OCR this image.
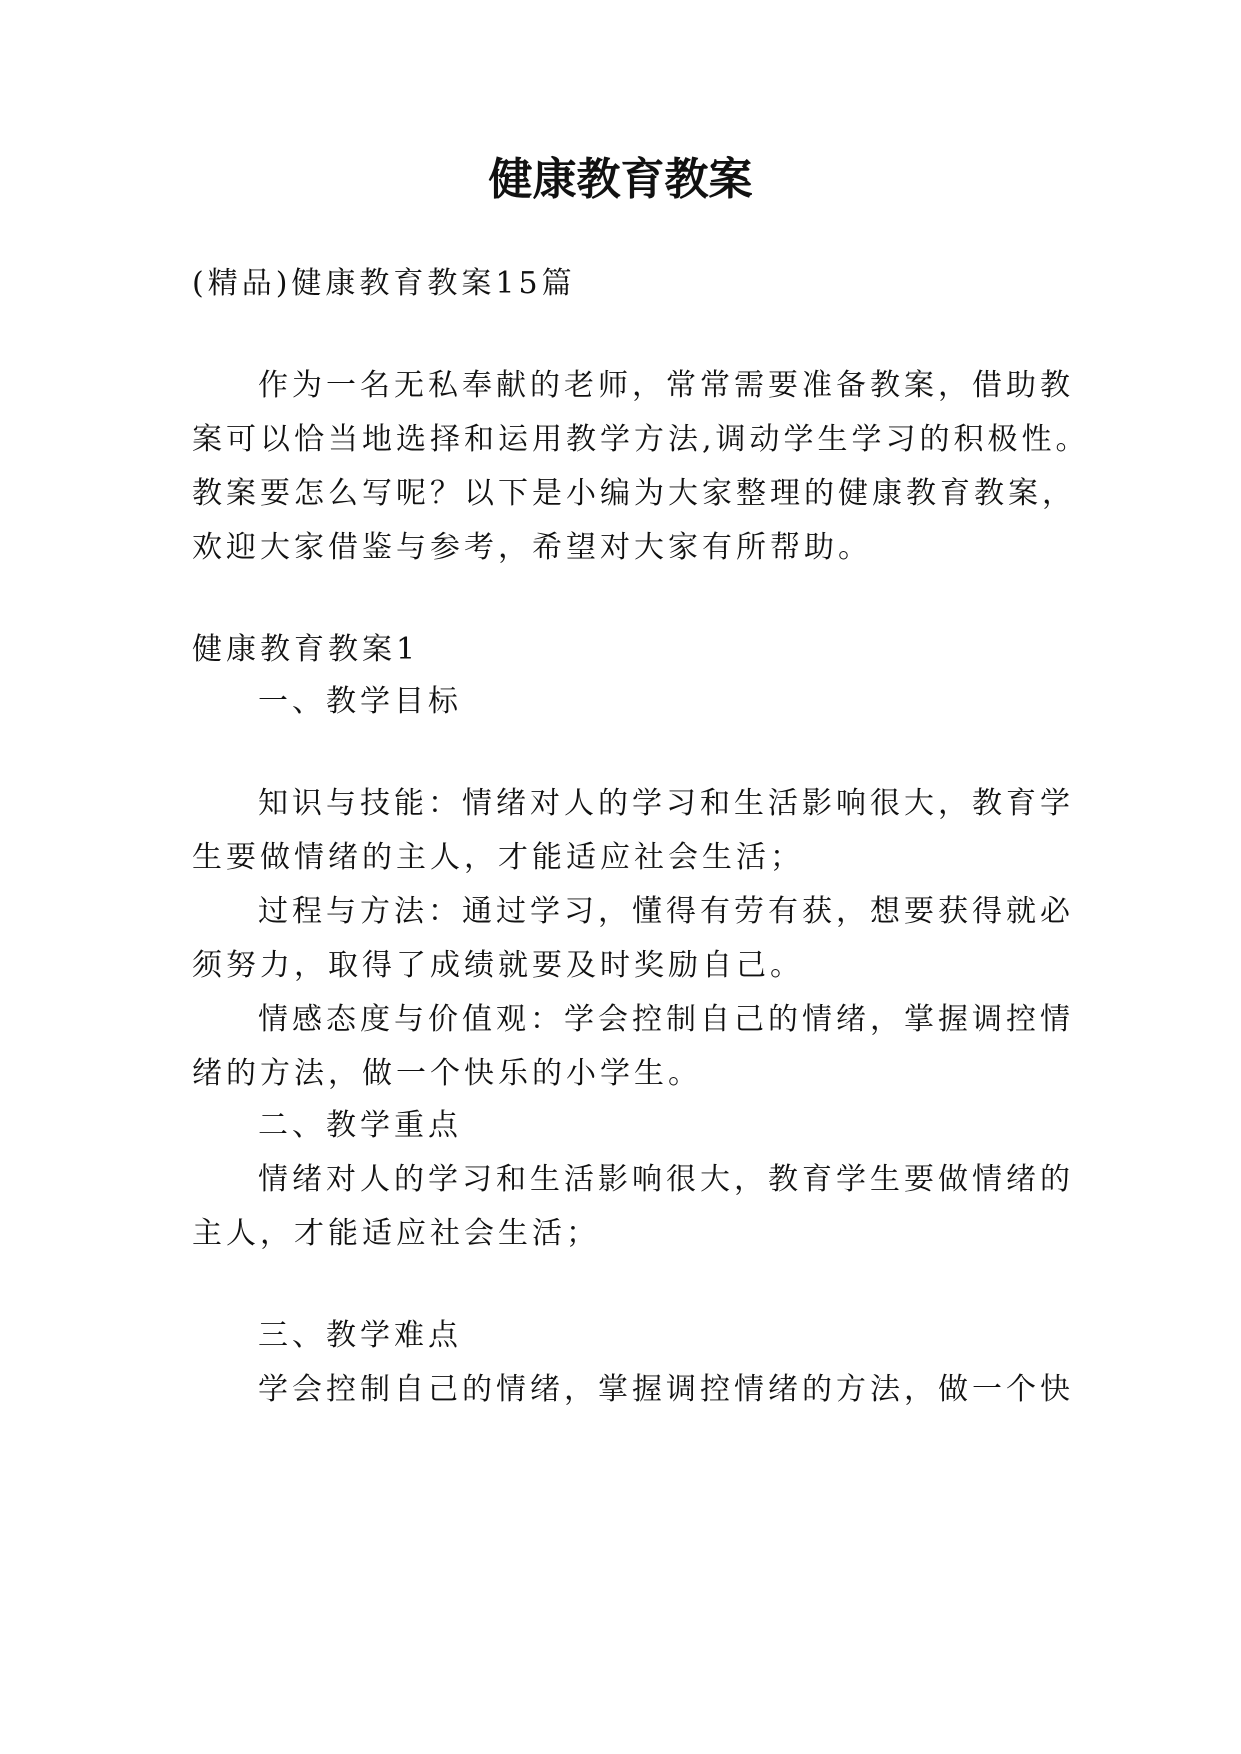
健康教育教案
(精品)健康教育教案15篇
作为一名无私奉献的老师，常常需要准备教案，借助教
案可以恰当地选择和运用教学方法,调动学生学习的积极性。
教案要怎么写呢？以下是小编为大家整理的健康教育教案，
欢迎大家借鉴与参考，希望对大家有所帮助。
健康教育教案1
一、教学目标
知识与技能：情绪对人的学习和生活影响很大，教育学
生要做情绪的主人，才能适应社会生活；
过程与方法：通过学习，懂得有劳有获，想要获得就必
须努力，取得了成绩就要及时奖励自己。
情感态度与价值观：学会控制自己的情绪，掌握调控情
绪的方法，做一个快乐的小学生。
二、教学重点
情绪对人的学习和生活影响很大，教育学生要做情绪的
主人，才能适应社会生活；
三、教学难点
学会控制自己的情绪，掌握调控情绪的方法，做一个快
